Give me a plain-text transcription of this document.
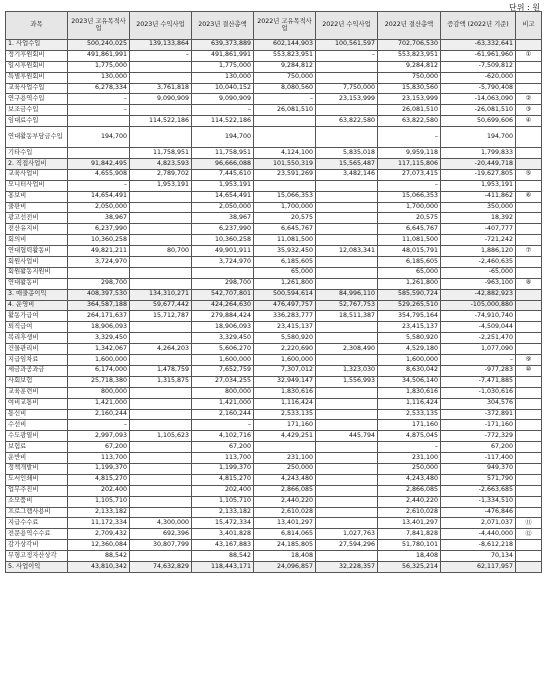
단위 : 원
과목	2023년 고유목적사업	2023년 수익사업	2023년 결산총액	2022년 고유목적사업	2022년 수익사업	2022년 결산총액	증감액 (2022년 기준)	비고
1. 사업수입	500,240,025	139,133,864	639,373,889	602,144,903	100,561,597	702,706,530	-63,332,641	
정기후원회비	491,861,991	–	491,861,991	553,823,951	–	553,823,951	-61,961,960	①
일시후원회비	1,775,000		1,775,000	9,284,812		9,284,812	-7,509,812	
특별후원회비	130,000		130,000	750,000		750,000	-620,000	
교육사업수입	6,278,334	3,761,818	10,040,152	8,080,560	7,750,000	15,830,560	-5,790,408	
연구용역수입	–	9,090,909	9,090,909	–	23,153,999	23,153,999	-14,063,090	②
보조금수입	–		–	26,081,510		26,081,510	-26,081,510	③
임대료수입		114,522,186	114,522,186		63,822,580	63,822,580	50,699,606	④
연대활동부담금수입	194,700		194,700			–	194,700	
기타수입		11,758,951	11,758,951	4,124,100	5,835,018	9,959,118	1,799,833	
2. 직접사업비	91,842,495	4,823,593	96,666,088	101,550,319	15,565,487	117,115,806	-20,449,718	
교육사업비	4,655,908	2,789,702	7,445,610	23,591,269	3,482,146	27,073,415	-19,627,805	⑤
모니터사업비	–	1,953,191	1,953,191			–	1,953,191	
홍보비	14,654,491		14,654,491	15,066,353		15,066,353	-411,862	⑥
출판비	2,050,000		2,050,000	1,700,000		1,700,000	350,000	
광고선전비	38,967		38,967	20,575		20,575	18,392	
전산유지비	6,237,990		6,237,990	6,645,767		6,645,767	-407,777	
회의비	10,360,258		10,360,258	11,081,500		11,081,500	-721,242	
연대협력활동비	49,821,211	80,700	49,901,911	35,932,450	12,083,341	48,015,791	1,886,120	⑦
회원사업비	3,724,970		3,724,970	6,185,605		6,185,605	-2,460,635	
회원활동지원비				65,000		65,000	-65,000	
연대활동비	298,700		298,700	1,261,800		1,261,800	-963,100	⑧
3. 매출총이익	408,397,530	134,310,271	542,707,801	500,594,614	84,996,110	585,590,724	-42,882,923	
4. 운영비	364,587,188	59,677,442	424,264,630	476,497,757	52,767,753	529,265,510	-105,000,880	
활동가급여	264,171,637	15,712,787	279,884,424	336,283,777	18,511,387	354,795,164	-74,910,740	
퇴직급여	18,906,093		18,906,093	23,415,137		23,415,137	-4,509,044	
복리후생비	3,329,450		3,329,450	5,580,920		5,580,920	-2,251,470	
건물관리비	1,342,067	4,264,203	5,606,270	2,220,690	2,308,490	4,529,180	1,077,090	
지급임차료	1,600,000		1,600,000	1,600,000		1,600,000	–	⑨
세금과공과금	6,174,000	1,478,759	7,652,759	7,307,012	1,323,030	8,630,042	-977,283	⑩
사회보험	25,718,380	1,315,875	27,034,255	32,949,147	1,556,993	34,506,140	-7,471,885	
교육훈련비	800,000		800,000	1,830,616		1,830,616	-1,030,616	
여비교통비	1,421,000		1,421,000	1,116,424		1,116,424	304,576	
통신비	2,160,244		2,160,244	2,533,135		2,533,135	-372,891	
수선비	–		–	171,160		171,160	-171,160	
수도광열비	2,997,093	1,105,623	4,102,716	4,429,251	445,794	4,875,045	-772,329	
보험료	67,200		67,200			–	67,200	
운반비	113,700		113,700	231,100		231,100	-117,400	
정책개발비	1,199,370		1,199,370	250,000		250,000	949,370	
도서인쇄비	4,815,270		4,815,270	4,243,480		4,243,480	571,790	
업무추진비	202,400		202,400	2,866,085		2,866,085	-2,663,685	
소모품비	1,105,710		1,105,710	2,440,220		2,440,220	-1,334,510	
프로그램사용비	2,133,182		2,133,182	2,610,028		2,610,028	-476,846	
지급수수료	11,172,334	4,300,000	15,472,334	13,401,297		13,401,297	2,071,037	⑪
전문용역수수료	2,709,432	692,396	3,401,828	6,814,065	1,027,763	7,841,828	-4,440,000	⑫
감가상각비	12,360,084	30,807,799	43,167,883	24,185,805	27,594,296	51,780,101	-8,612,218	
무형고정자산상각	88,542		88,542	18,408		18,408	70,134	
5. 사업이익	43,810,342	74,632,829	118,443,171	24,096,857	32,228,357	56,325,214	62,117,957	
